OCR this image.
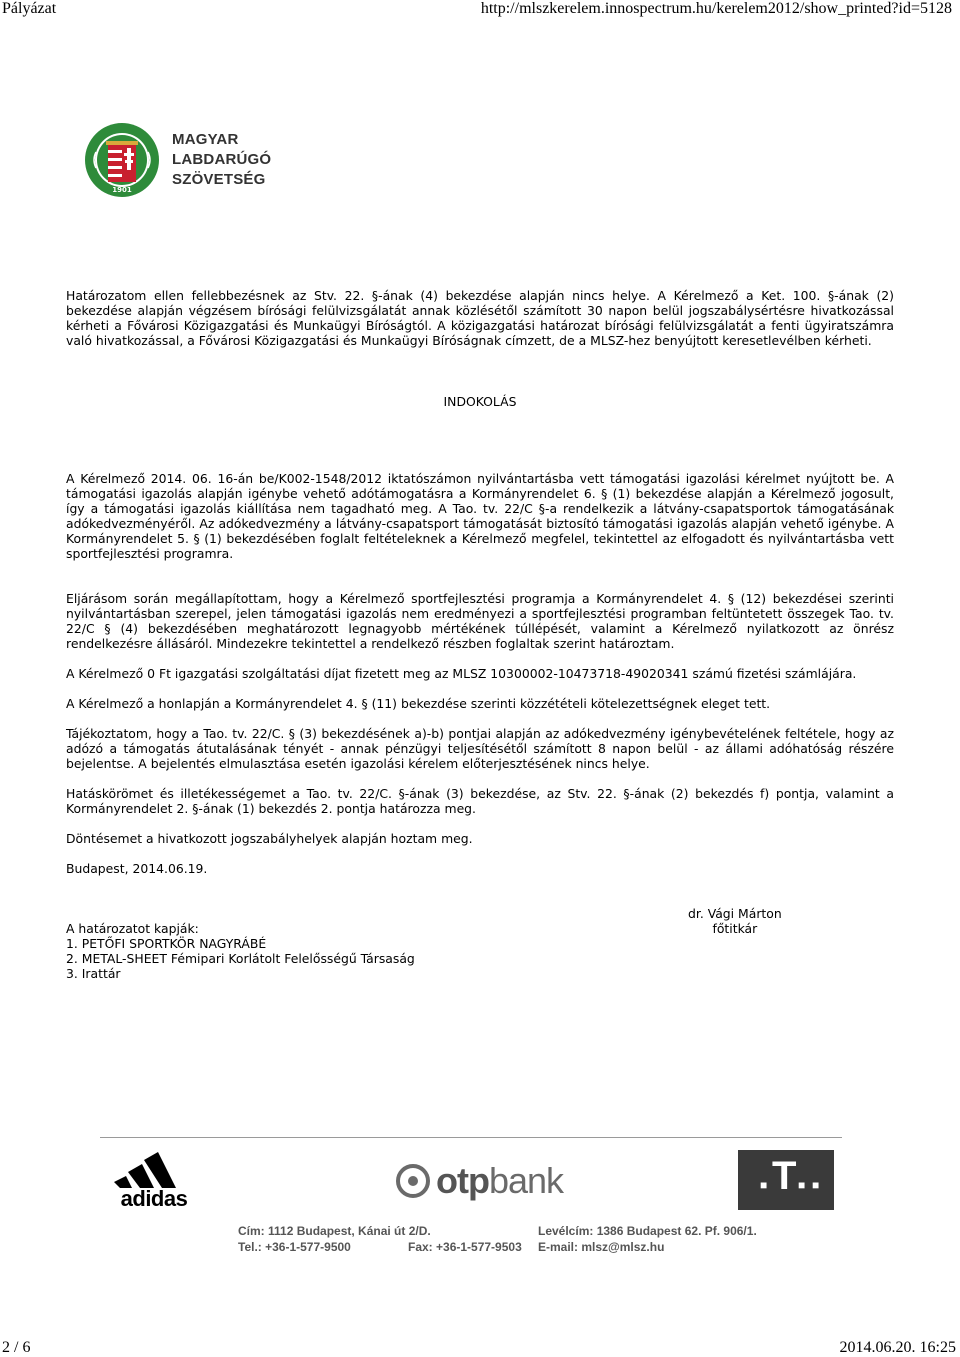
Pályázat	http://mlszkerelem.innospectrum.hu/kerelem2012/show_printed?id=5128
1901
MAGYAR
LABDARÚGÓ
SZÖVETSÉG

Határozatom ellen fellebbezésnek az Stv. 22. §-ának (4) bekezdése alapján nincs helye. A Kérelmező a Ket. 100. §-ának (2) bekezdése alapján végzésem bírósági felülvizsgálatát annak közlésétől számított 30 napon belül jogszabálysértésre hivatkozással kérheti a Fővárosi Közigazgatási és Munkaügyi Bíróságtól. A közigazgatási határozat bírósági felülvizsgálatát a fenti ügyiratszámra való hivatkozással, a Fővárosi Közigazgatási és Munkaügyi Bíróságnak címzett, de a MLSZ-hez benyújtott keresetlevélben kérheti.

INDOKOLÁS

A Kérelmező 2014. 06. 16-án be/K002-1548/2012 iktatószámon nyilvántartásba vett támogatási igazolási kérelmet nyújtott be. A támogatási igazolás alapján igénybe vehető adótámogatásra a Kormányrendelet 6. § (1) bekezdése alapján a Kérelmező jogosult, így a támogatási igazolás kiállítása nem tagadható meg. A Tao. tv. 22/C §-a rendelkezik a látvány-csapatsportok támogatásának adókedvezményéről. Az adókedvezmény a látvány-csapatsport támogatását biztosító támogatási igazolás alapján vehető igénybe. A Kormányrendelet 5. § (1) bekezdésében foglalt feltételeknek a Kérelmező megfelel, tekintettel az elfogadott és nyilvántartásba vett sportfejlesztési programra.

Eljárásom során megállapítottam, hogy a Kérelmező sportfejlesztési programja a Kormányrendelet 4. § (12) bekezdései szerinti nyilvántartásban szerepel, jelen támogatási igazolás nem eredményezi a sportfejlesztési programban feltüntetett összegek Tao. tv. 22/C § (4) bekezdésében meghatározott legnagyobb mértékének túllépését, valamint a Kérelmező nyilatkozott az önrész rendelkezésre állásáról. Mindezekre tekintettel a rendelkező részben foglaltak szerint határoztam.

A Kérelmező 0 Ft igazgatási szolgáltatási díjat fizetett meg az MLSZ 10300002-10473718-49020341 számú fizetési számlájára.

A Kérelmező a honlapján a Kormányrendelet 4. § (11) bekezdése szerinti közzétételi kötelezettségnek eleget tett.

Tájékoztatom, hogy a Tao. tv. 22/C. § (3) bekezdésének a)-b) pontjai alapján az adókedvezmény igénybevételének feltétele, hogy az adózó a támogatás átutalásának tényét - annak pénzügyi teljesítésétől számított 8 napon belül - az állami adóhatóság részére bejelentse. A bejelentés elmulasztása esetén igazolási kérelem előterjesztésének nincs helye.

Hatáskörömet és illetékességemet a Tao. tv. 22/C. §-ának (3) bekezdése, az Stv. 22. §-ának (2) bekezdés f) pontja, valamint a Kormányrendelet 2. §-ának (1) bekezdés 2. pontja határozza meg.

Döntésemet a hivatkozott jogszabályhelyek alapján hoztam meg.

Budapest, 2014.06.19.

dr. Vági Márton
főtitkár
A határozatot kapják:
1. PETŐFI SPORTKÖR NAGYRÁBÉ
2. METAL-SHEET Fémipari Korlátolt Felelősségű Társaság
3. Irattár
adidas	otpbank	■ T ■ ■
Cím: 1112 Budapest, Kánai út 2/D.	Levélcím: 1386 Budapest 62. Pf. 906/1.
Tel.: +36-1-577-9500	Fax: +36-1-577-9503	E-mail: mlsz@mlsz.hu
2 / 6	2014.06.20. 16:25
